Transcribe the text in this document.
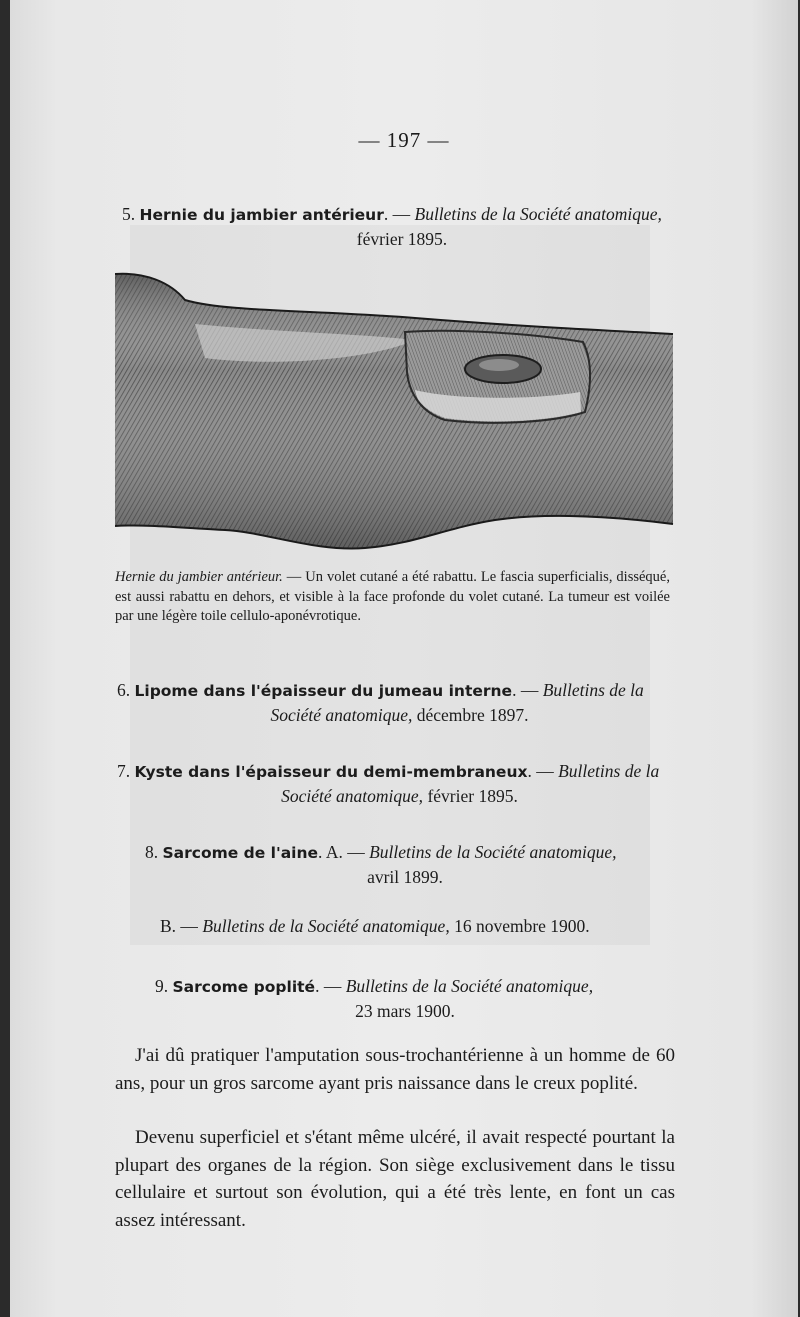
— 197 —
5. Hernie du jambier antérieur. — Bulletins de la Société anatomique,
février 1895.
Hernie du jambier antérieur. — Un volet cutané a été rabattu. Le fascia superficialis, disséqué, est aussi rabattu en dehors, et visible à la face profonde du volet cutané. La tumeur est voilée par une légère toile cellulo-aponévrotique.
6. Lipome dans l'épaisseur du jumeau interne. — Bulletins de la
Société anatomique, décembre 1897.
7. Kyste dans l'épaisseur du demi-membraneux. — Bulletins de la
Société anatomique, février 1895.
8. Sarcome de l'aine. A. — Bulletins de la Société anatomique,
avril 1899.
B. — Bulletins de la Société anatomique, 16 novembre 1900.
9. Sarcome poplité. — Bulletins de la Société anatomique,
23 mars 1900.
J'ai dû pratiquer l'amputation sous-trochantérienne à un homme de 60 ans, pour un gros sarcome ayant pris naissance dans le creux poplité.
Devenu superficiel et s'étant même ulcéré, il avait respecté pourtant la plupart des organes de la région. Son siège exclusivement dans le tissu cellulaire et surtout son évolution, qui a été très lente, en font un cas assez intéressant.
